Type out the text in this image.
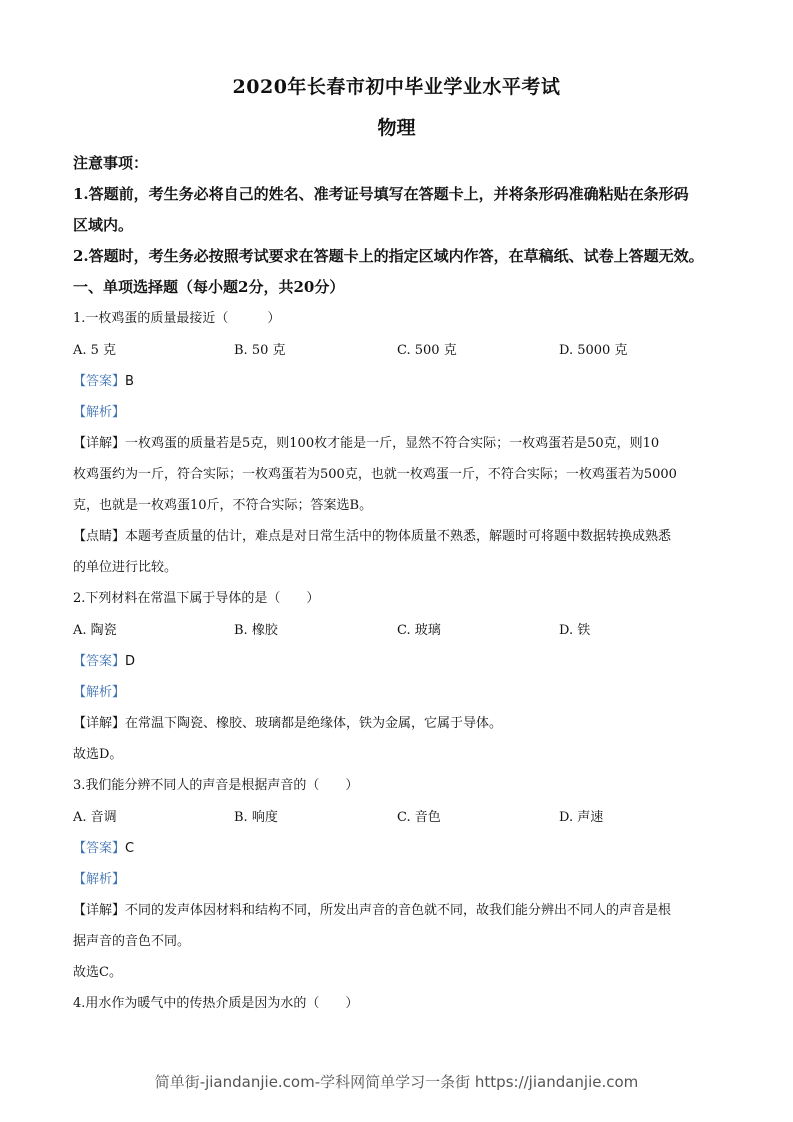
2020年长春市初中毕业学业水平考试
物理
注意事项：
1.答题前，考生务必将自己的姓名、准考证号填写在答题卡上，并将条形码准确粘贴在条形码
区域内。
2.答题时，考生务必按照考试要求在答题卡上的指定区域内作答，在草稿纸、试卷上答题无效。
一、单项选择题（每小题2分，共20分）
1.一枚鸡蛋的质量最接近（　　　）
A. 5 克	B. 50 克	C. 500 克	D. 5000 克
【答案】B
【解析】
【详解】一枚鸡蛋的质量若是5克，则100枚才能是一斤，显然不符合实际；一枚鸡蛋若是50克，则10
枚鸡蛋约为一斤，符合实际；一枚鸡蛋若为500克，也就一枚鸡蛋一斤，不符合实际；一枚鸡蛋若为5000
克，也就是一枚鸡蛋10斤，不符合实际；答案选B。
【点睛】本题考查质量的估计，难点是对日常生活中的物体质量不熟悉，解题时可将题中数据转换成熟悉
的单位进行比较。
2.下列材料在常温下属于导体的是（　　）
A. 陶瓷	B. 橡胶	C. 玻璃	D. 铁
【答案】D
【解析】
【详解】在常温下陶瓷、橡胶、玻璃都是绝缘体，铁为金属，它属于导体。
故选D。
3.我们能分辨不同人的声音是根据声音的（　　）
A. 音调	B. 响度	C. 音色	D. 声速
【答案】C
【解析】
【详解】不同的发声体因材料和结构不同，所发出声音的音色就不同，故我们能分辨出不同人的声音是根
据声音的音色不同。
故选C。
4.用水作为暖气中的传热介质是因为水的（　　）
简单街-jiandanjie.com-学科网简单学习一条街 https://jiandanjie.com
